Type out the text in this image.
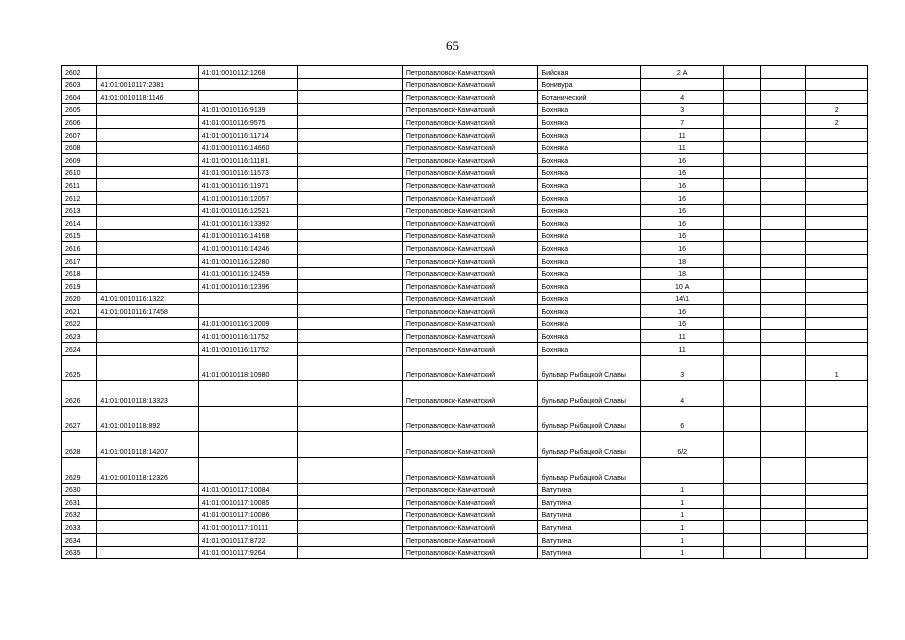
65
2602		41:01:0010112:1268		Петропавловск-Камчатский	Бийская	2 А			
2603	41:01:0010117:2381			Петропавловск-Камчатский	Бонивура				
2604	41:01:0010118:1146			Петропавловск-Камчатский	Ботанический	4			
2605		41:01:0010116:9139		Петропавловск-Камчатский	Бохняка	3			2
2606		41:01:0010116:9575		Петропавловск-Камчатский	Бохняка	7			2
2607		41:01:0010116:11714		Петропавловск-Камчатский	Бохняка	11			
2608		41:01:0010116:14660		Петропавловск-Камчатский	Бохняка	11			
2609		41:01:0010116:11181		Петропавловск-Камчатский	Бохняка	16			
2610		41:01:0010116:11573		Петропавловск-Камчатский	Бохняка	16			
2611		41:01:0010116:11971		Петропавловск-Камчатский	Бохняка	16			
2612		41:01:0010116:12057		Петропавловск-Камчатский	Бохняка	16			
2613		41:01:0010116:12521		Петропавловск-Камчатский	Бохняка	16			
2614		41:01:0010116:13392		Петропавловск-Камчатский	Бохняка	16			
2615		41:01:0010116:14168		Петропавловск-Камчатский	Бохняка	16			
2616		41:01:0010116:14246		Петропавловск-Камчатский	Бохняка	16			
2617		41:01:0010116:12280		Петропавловск-Камчатский	Бохняка	18			
2618		41:01:0010116:12459		Петропавловск-Камчатский	Бохняка	18			
2619		41:01:0010116:12396		Петропавловск-Камчатский	Бохняка	10 А			
2620	41:01:0010116:1322			Петропавловск-Камчатский	Бохняка	14\1			
2621	41:01:0010116:17458			Петропавловск-Камчатский	Бохняка	16			
2622		41:01:0010116:12009		Петропавловск-Камчатский	Бохняка	16			
2623		41:01:0010116:11752		Петропавловск-Камчатский	Бохняка	11			
2624		41:01:0010116:11752		Петропавловск-Камчатский	Бохняка	11			
2625		41:01:0010118:10980		Петропавловск-Камчатский	бульвар Рыбацкой Славы	3			1
2626	41:01:0010118:13323			Петропавловск-Камчатский	бульвар Рыбацкой Славы	4			
2627	41:01:0010118:892			Петропавловск-Камчатский	бульвар Рыбацкой Славы	6			
2628	41:01:0010118:14207			Петропавловск-Камчатский	бульвар Рыбацкой Славы	6/2			
2629	41:01:0010118:12326			Петропавловск-Камчатский	бульвар Рыбацкой Славы				
2630		41:01:0010117:10084		Петропавловск-Камчатский	Ватутина	1			
2631		41:01:0010117:10085		Петропавловск-Камчатский	Ватутина	1			
2632		41:01:0010117:10086		Петропавловск-Камчатский	Ватутина	1			
2633		41:01:0010117:10111		Петропавловск-Камчатский	Ватутина	1			
2634		41:01:0010117:8722		Петропавловск-Камчатский	Ватутина	1			
2635		41:01:0010117:9264		Петропавловск-Камчатский	Ватутина	1			
